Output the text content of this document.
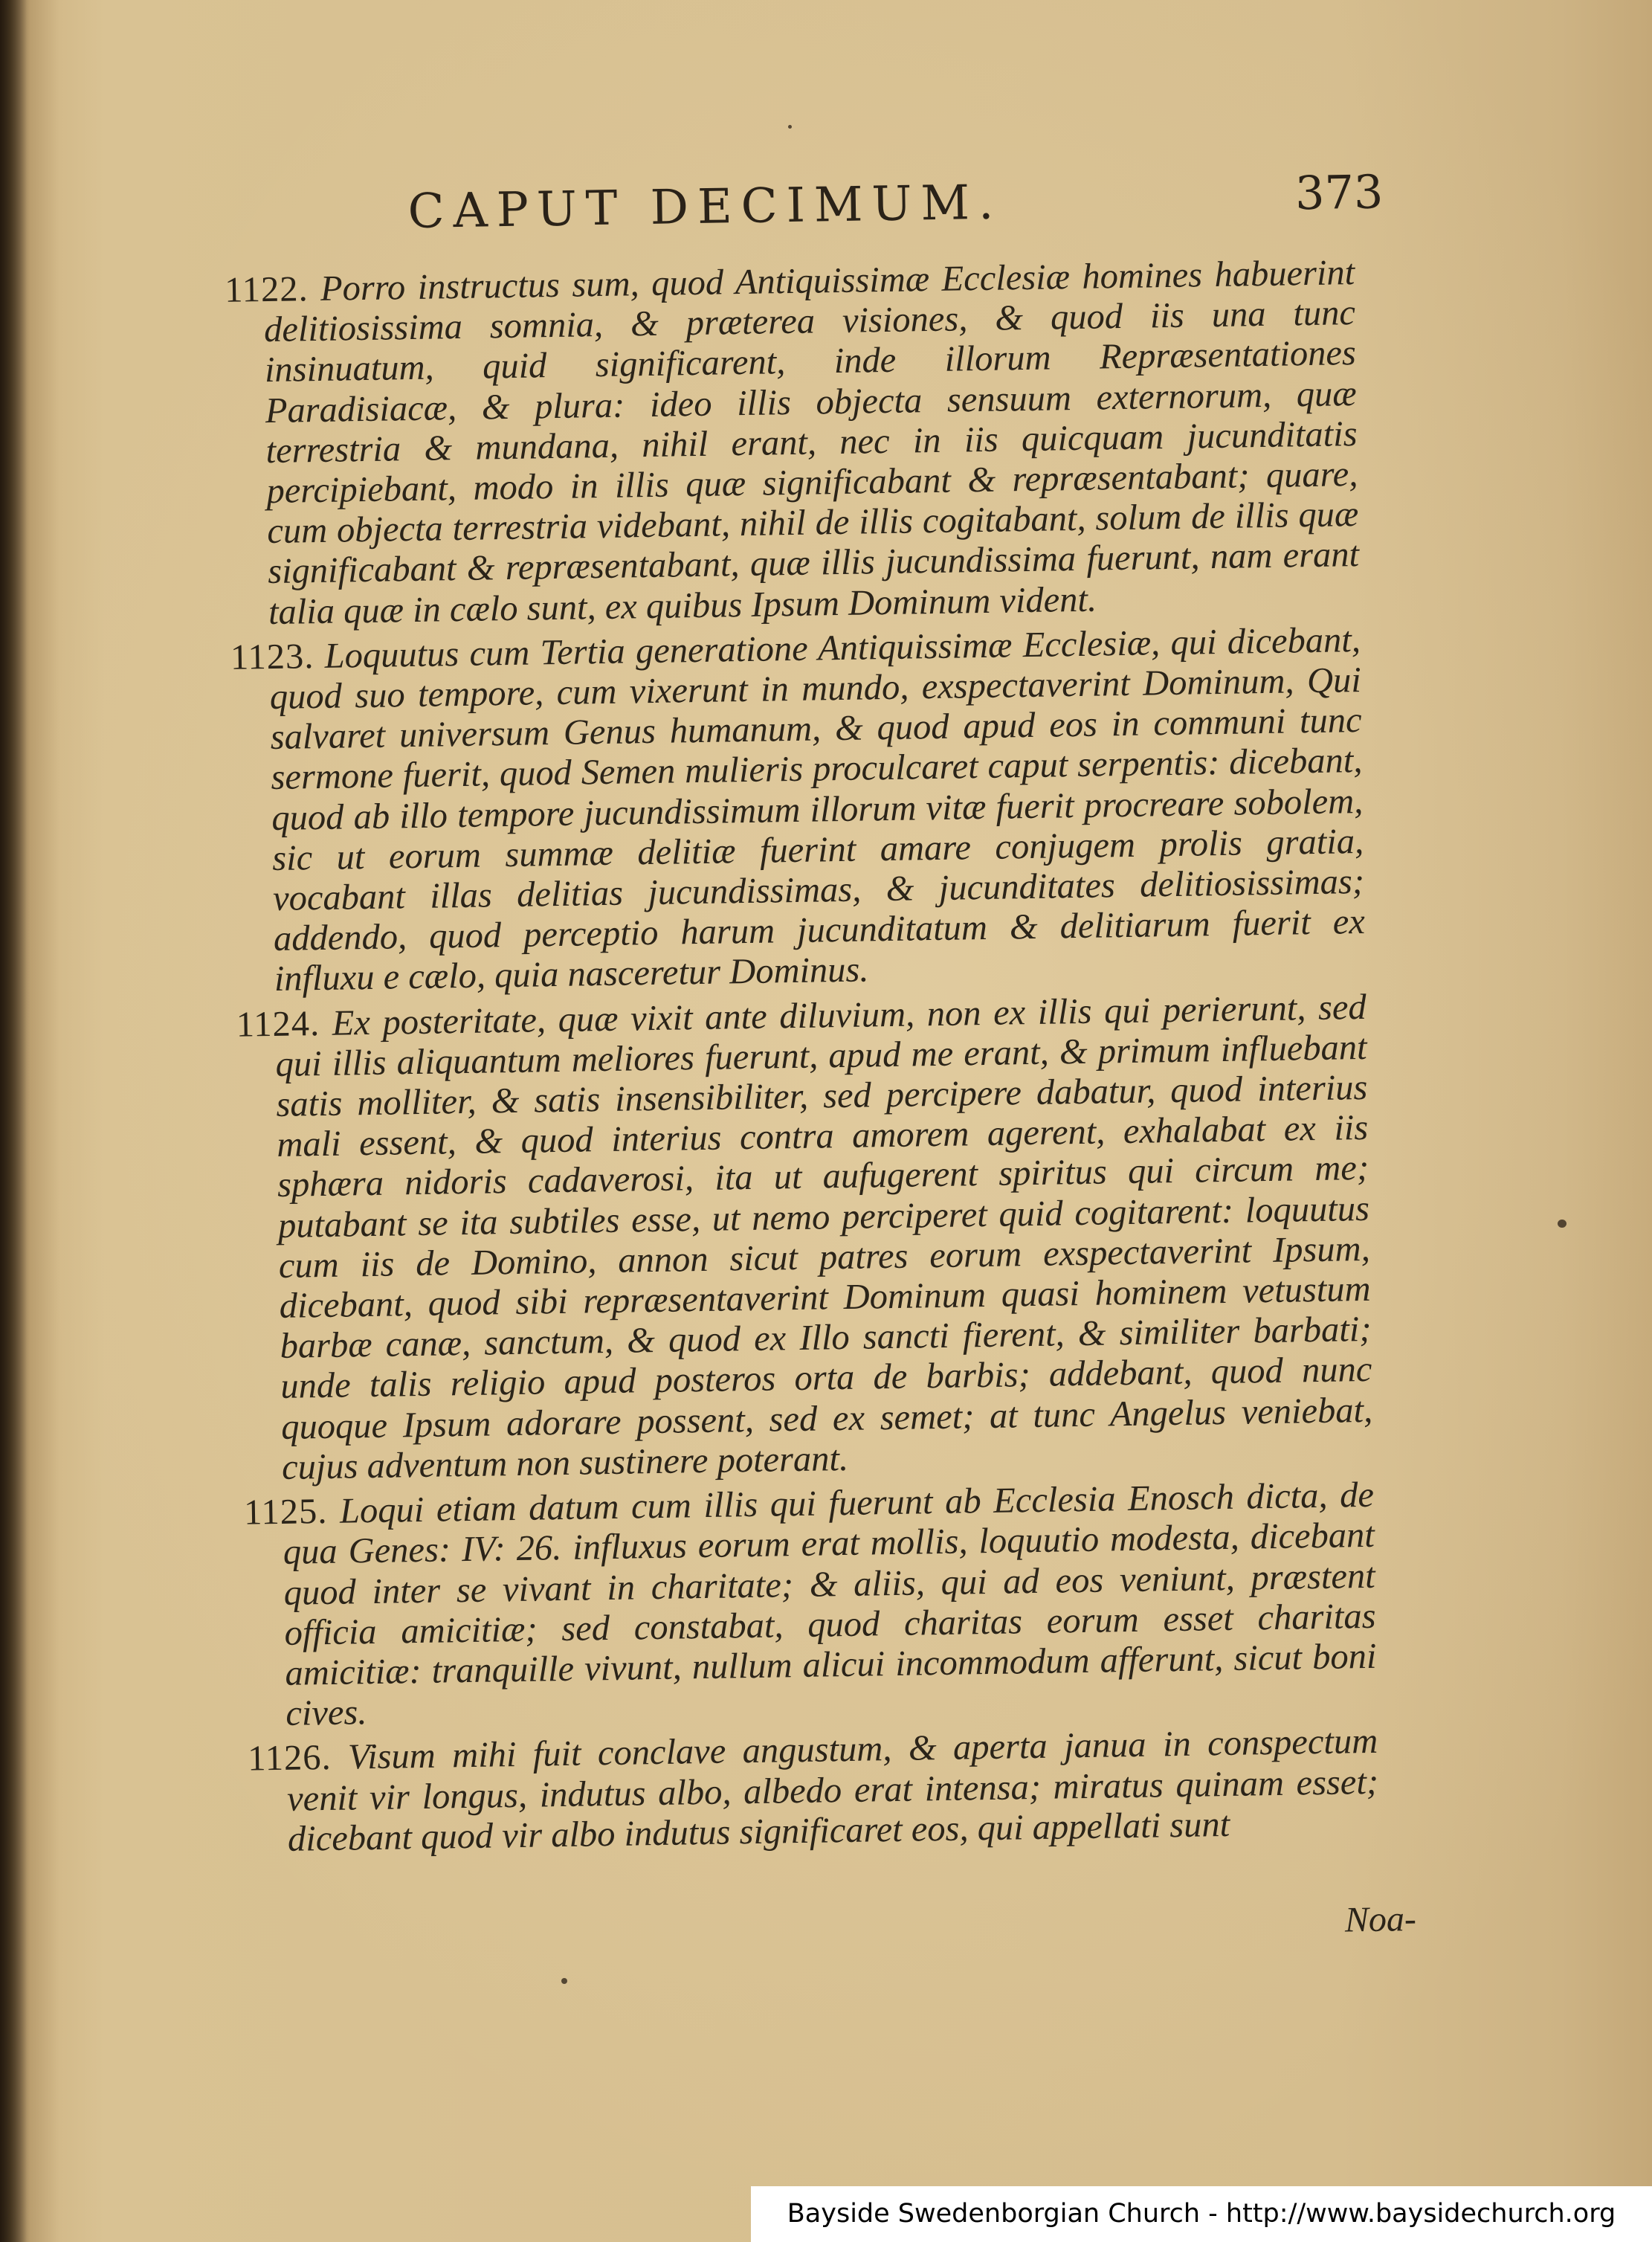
CAPUT DECIMUM.	373

1122. Porro instructus sum, quod Antiquissimæ Ecclesiæ homines habuerint delitiosissima somnia, & præterea visiones, & quod iis una tunc insinuatum, quid significarent, inde illorum Repræsentationes Paradisiacæ, & plura: ideo illis objecta sensuum externorum, quæ terrestria & mundana, nihil erant, nec in iis quicquam jucunditatis percipiebant, modo in illis quæ significabant & repræsentabant; quare, cum objecta terrestria videbant, nihil de illis cogitabant, solum de illis quæ significabant & repræsentabant, quæ illis jucundissima fuerunt, nam erant talia quæ in cælo sunt, ex quibus Ipsum Dominum vident.

1123. Loquutus cum Tertia generatione Antiquissimæ Ecclesiæ, qui dicebant, quod suo tempore, cum vixerunt in mundo, exspectaverint Dominum, Qui salvaret universum Genus humanum, & quod apud eos in communi tunc sermone fuerit, quod Semen mulieris proculcaret caput serpentis: dicebant, quod ab illo tempore jucundissimum illorum vitæ fuerit procreare sobolem, sic ut eorum summæ delitiæ fuerint amare conjugem prolis gratia, vocabant illas delitias jucundissimas, & jucunditates delitiosissimas; addendo, quod perceptio harum jucunditatum & delitiarum fuerit ex influxu e cælo, quia nasceretur Dominus.

1124. Ex posteritate, quæ vixit ante diluvium, non ex illis qui perierunt, sed qui illis aliquantum meliores fuerunt, apud me erant, & primum influebant satis molliter, & satis insensibiliter, sed percipere dabatur, quod interius mali essent, & quod interius contra amorem agerent, exhalabat ex iis sphæra nidoris cadaverosi, ita ut aufugerent spiritus qui circum me; putabant se ita subtiles esse, ut nemo perciperet quid cogitarent: loquutus cum iis de Domino, annon sicut patres eorum exspectaverint Ipsum, dicebant, quod sibi repræsentaverint Dominum quasi hominem vetustum barbæ canæ, sanctum, & quod ex Illo sancti fierent, & similiter barbati; unde talis religio apud posteros orta de barbis; addebant, quod nunc quoque Ipsum adorare possent, sed ex semet; at tunc Angelus veniebat, cujus adventum non sustinere poterant.

1125. Loqui etiam datum cum illis qui fuerunt ab Ecclesia Enosch dicta, de qua Genes: IV: 26. influxus eorum erat mollis, loquutio modesta, dicebant quod inter se vivant in charitate; & aliis, qui ad eos veniunt, præstent officia amicitiæ; sed constabat, quod charitas eorum esset charitas amicitiæ: tranquille vivunt, nullum alicui incommodum afferunt, sicut boni cives.

1126. Visum mihi fuit conclave angustum, & aperta janua in conspectum venit vir longus, indutus albo, albedo erat intensa; miratus quinam esset; dicebant quod vir albo indutus significaret eos, qui appellati sunt

Noa-
Bayside Swedenborgian Church - http://www.baysidechurch.org
